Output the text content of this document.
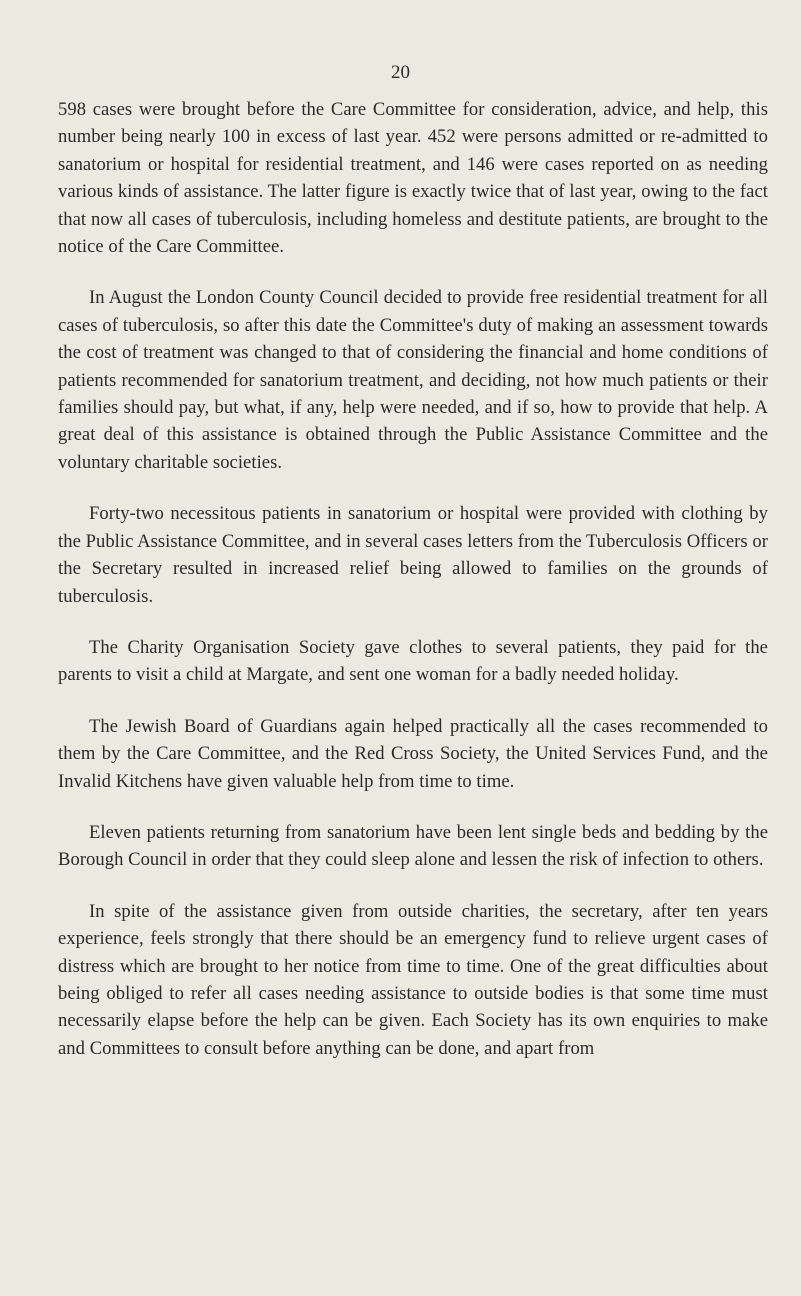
20

598 cases were brought before the Care Committee for consideration, advice, and help, this number being nearly 100 in excess of last year. 452 were persons admitted or re-admitted to sanatorium or hospital for residential treatment, and 146 were cases reported on as needing various kinds of assistance. The latter figure is exactly twice that of last year, owing to the fact that now all cases of tuberculosis, including homeless and destitute patients, are brought to the notice of the Care Committee.

In August the London County Council decided to provide free residential treatment for all cases of tuberculosis, so after this date the Committee's duty of making an assessment towards the cost of treatment was changed to that of considering the financial and home conditions of patients recommended for sanatorium treatment, and deciding, not how much patients or their families should pay, but what, if any, help were needed, and if so, how to provide that help. A great deal of this assistance is obtained through the Public Assistance Committee and the voluntary charitable societies.

Forty-two necessitous patients in sanatorium or hospital were provided with clothing by the Public Assistance Committee, and in several cases letters from the Tuberculosis Officers or the Secretary resulted in increased relief being allowed to families on the grounds of tuberculosis.

The Charity Organisation Society gave clothes to several patients, they paid for the parents to visit a child at Margate, and sent one woman for a badly needed holiday.

The Jewish Board of Guardians again helped practically all the cases recommended to them by the Care Committee, and the Red Cross Society, the United Services Fund, and the Invalid Kitchens have given valuable help from time to time.

Eleven patients returning from sanatorium have been lent single beds and bedding by the Borough Council in order that they could sleep alone and lessen the risk of infection to others.

In spite of the assistance given from outside charities, the secretary, after ten years experience, feels strongly that there should be an emergency fund to relieve urgent cases of distress which are brought to her notice from time to time. One of the great difficulties about being obliged to refer all cases needing assistance to outside bodies is that some time must necessarily elapse before the help can be given. Each Society has its own enquiries to make and Committees to consult before anything can be done, and apart from
